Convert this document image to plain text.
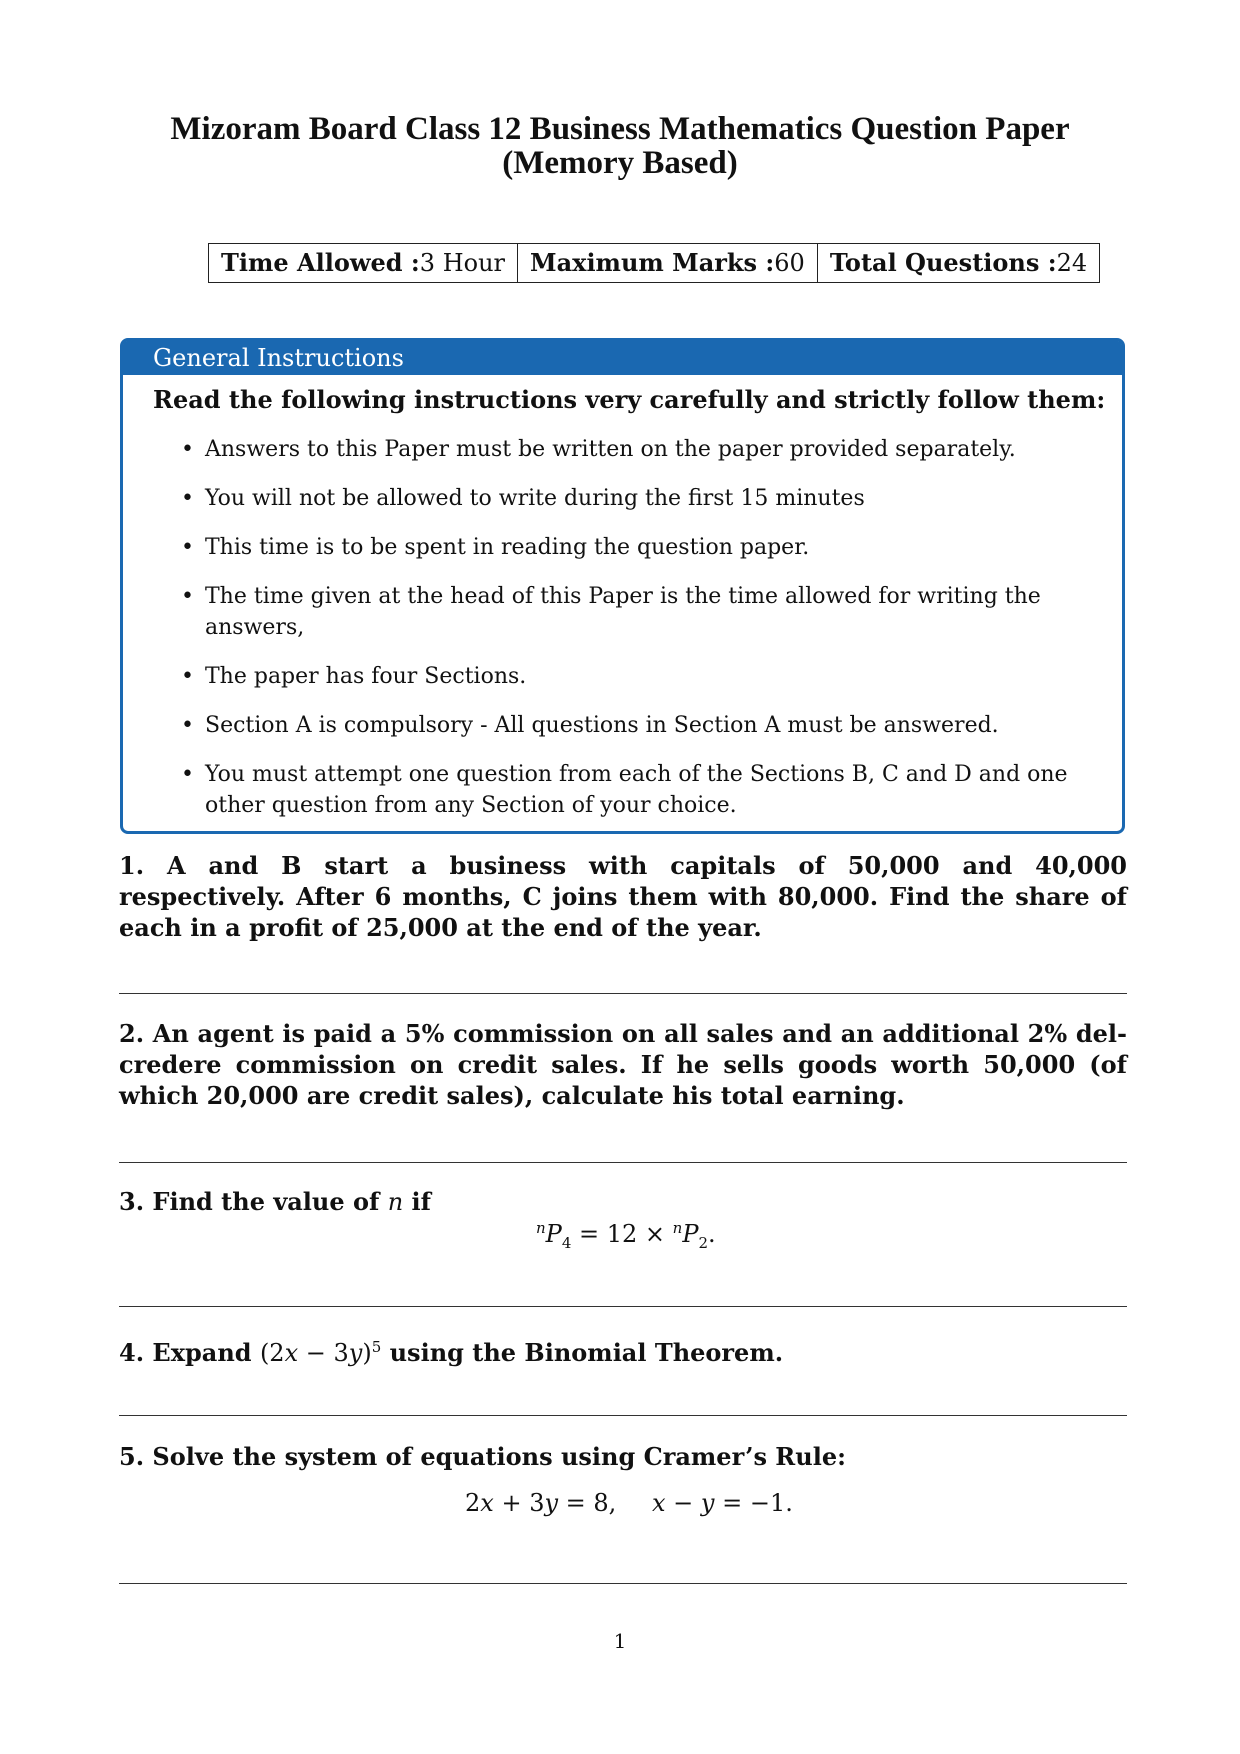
Mizoram Board Class 12 Business Mathematics Question Paper
(Memory Based)
Time Allowed :3 Hour	Maximum Marks :60	Total Questions :24
General Instructions
Read the following instructions very carefully and strictly follow them:
• Answers to this Paper must be written on the paper provided separately.
• You will not be allowed to write during the first 15 minutes
• This time is to be spent in reading the question paper.
• The time given at the head of this Paper is the time allowed for writing the answers,
• The paper has four Sections.
• Section A is compulsory - All questions in Section A must be answered.
• You must attempt one question from each of the Sections B, C and D and one other question from any Section of your choice.
1. A and B start a business with capitals of 50,000 and 40,000 respectively. After 6 months, C joins them with 80,000. Find the share of each in a profit of 25,000 at the end of the year.
2. An agent is paid a 5% commission on all sales and an additional 2% del-credere commission on credit sales. If he sells goods worth 50,000 (of which 20,000 are credit sales), calculate his total earning.
3. Find the value of n if
$^nP_4 = 12 \times ^nP_2$.
4. Expand $(2x - 3y)^5$ using the Binomial Theorem.
5. Solve the system of equations using Cramer’s Rule:
2x + 3y = 8, x − y = −1.
1
